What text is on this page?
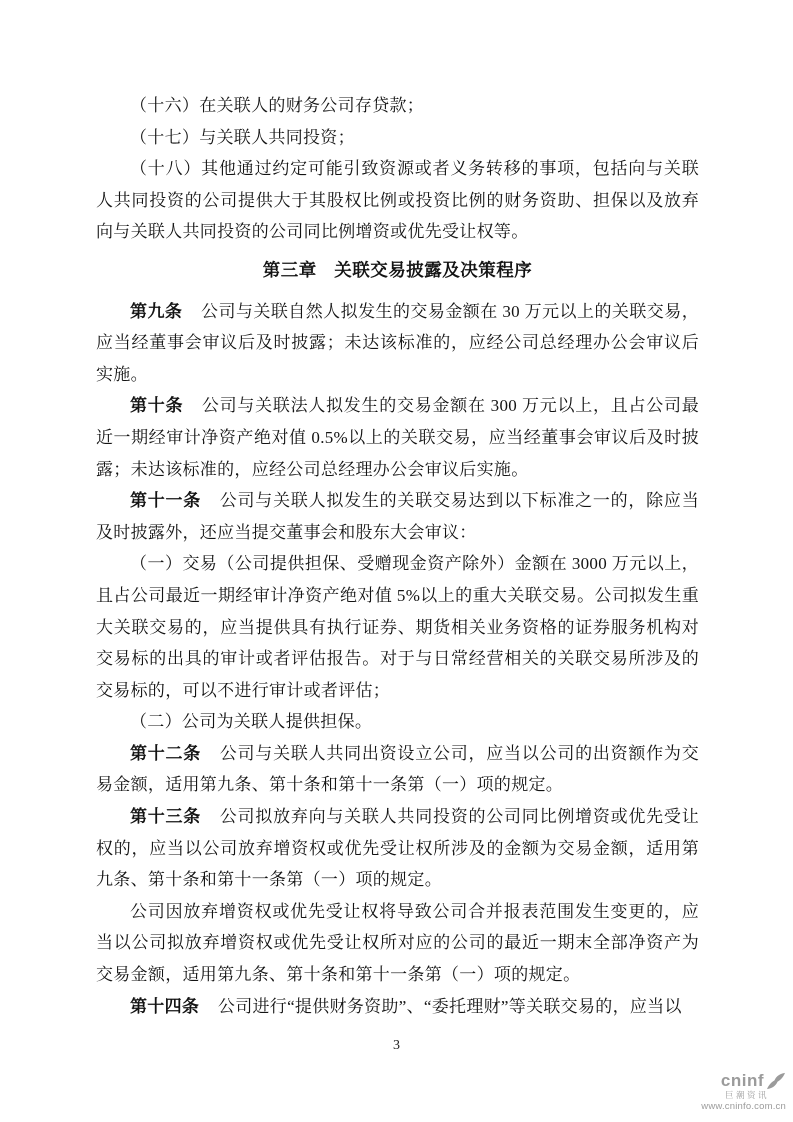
（十六）在关联人的财务公司存贷款；

（十七）与关联人共同投资；

（十八）其他通过约定可能引致资源或者义务转移的事项，包括向与关联人共同投资的公司提供大于其股权比例或投资比例的财务资助、担保以及放弃向与关联人共同投资的公司同比例增资或优先受让权等。

第三章 关联交易披露及决策程序

第九条 公司与关联自然人拟发生的交易金额在 30 万元以上的关联交易，应当经董事会审议后及时披露；未达该标准的，应经公司总经理办公会审议后实施。

第十条 公司与关联法人拟发生的交易金额在 300 万元以上，且占公司最近一期经审计净资产绝对值 0.5%以上的关联交易，应当经董事会审议后及时披露；未达该标准的，应经公司总经理办公会审议后实施。

第十一条 公司与关联人拟发生的关联交易达到以下标准之一的，除应当及时披露外，还应当提交董事会和股东大会审议：

（一）交易（公司提供担保、受赠现金资产除外）金额在 3000 万元以上，且占公司最近一期经审计净资产绝对值 5%以上的重大关联交易。公司拟发生重大关联交易的，应当提供具有执行证券、期货相关业务资格的证券服务机构对交易标的出具的审计或者评估报告。对于与日常经营相关的关联交易所涉及的交易标的，可以不进行审计或者评估；

（二）公司为关联人提供担保。

第十二条 公司与关联人共同出资设立公司，应当以公司的出资额作为交易金额，适用第九条、第十条和第十一条第（一）项的规定。

第十三条 公司拟放弃向与关联人共同投资的公司同比例增资或优先受让权的，应当以公司放弃增资权或优先受让权所涉及的金额为交易金额，适用第九条、第十条和第十一条第（一）项的规定。

公司因放弃增资权或优先受让权将导致公司合并报表范围发生变更的，应当以公司拟放弃增资权或优先受让权所对应的公司的最近一期末全部净资产为交易金额，适用第九条、第十条和第十一条第（一）项的规定。

第十四条 公司进行“提供财务资助”、“委托理财”等关联交易的，应当以

3
cninf
巨潮资讯
www.cninfo.com.cn
